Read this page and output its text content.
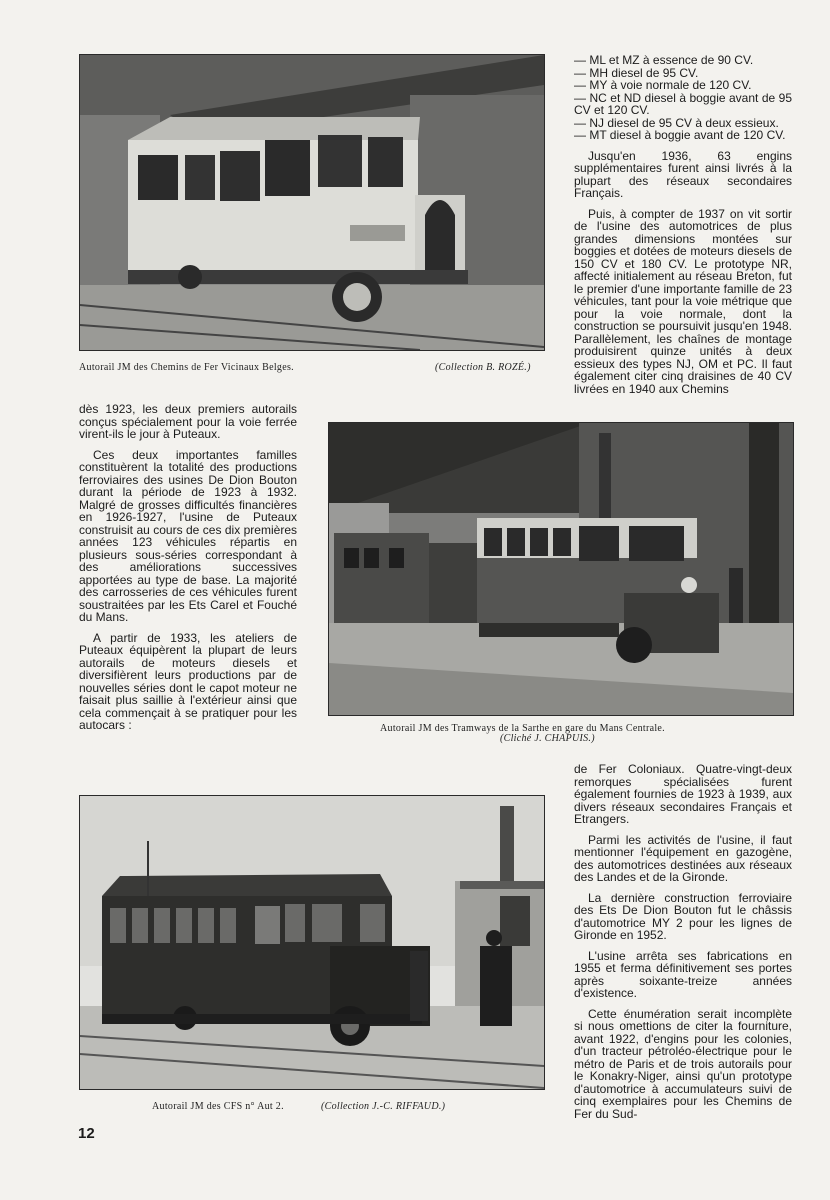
Autorail JM des Chemins de Fer Vicinaux Belges.	(Collection B. ROZÉ.)

— ML et MZ à essence de 90 CV.

— MH diesel de 95 CV.

— MY à voie normale de 120 CV.

— NC et ND diesel à boggie avant de 95 CV et 120 CV.

— NJ diesel de 95 CV à deux essieux.

— MT diesel à boggie avant de 120 CV.

Jusqu'en 1936, 63 engins supplémentaires furent ainsi livrés à la plupart des réseaux secondaires Français.

Puis, à compter de 1937 on vit sortir de l'usine des automotrices de plus grandes dimensions montées sur boggies et dotées de moteurs diesels de 150 CV et 180 CV. Le prototype NR, affecté initialement au réseau Breton, fut le premier d'une importante famille de 23 véhicules, tant pour la voie métrique que pour la voie normale, dont la construction se poursuivit jusqu'en 1948. Parallèlement, les chaînes de montage produisirent quinze unités à deux essieux des types NJ, OM et PC. Il faut également citer cinq draisines de 40 CV livrées en 1940 aux Chemins

dès 1923, les deux premiers autorails conçus spécialement pour la voie ferrée virent-ils le jour à Puteaux.

Ces deux importantes familles constituèrent la totalité des productions ferroviaires des usines De Dion Bouton durant la période de 1923 à 1932. Malgré de grosses difficultés financières en 1926-1927, l'usine de Puteaux construisit au cours de ces dix premières années 123 véhicules répartis en plusieurs sous-séries correspondant à des améliorations successives apportées au type de base. La majorité des carrosseries de ces véhicules furent soustraitées par les Ets Carel et Fouché du Mans.

A partir de 1933, les ateliers de Puteaux équipèrent la plupart de leurs autorails de moteurs diesels et diversifièrent leurs productions par de nouvelles séries dont le capot moteur ne faisait plus saillie à l'extérieur ainsi que cela commençait à se pratiquer pour les autocars :	Autorail JM des Tramways de la Sarthe en gare du Mans Centrale.
(Cliché J. CHAPUIS.)

de Fer Coloniaux. Quatre-vingt-deux remorques spécialisées furent également fournies de 1923 à 1939, aux divers réseaux secondaires Français et Etrangers.

Parmi les activités de l'usine, il faut mentionner l'équipement en gazogène, des automotrices destinées aux réseaux des Landes et de la Gironde.

La dernière construction ferroviaire des Ets De Dion Bouton fut le châssis d'automotrice MY 2 pour les lignes de Gironde en 1952.

L'usine arrêta ses fabrications en 1955 et ferma définitivement ses portes après soixante-treize années d'existence.

Cette énumération serait incomplète si nous omettions de citer la fourniture, avant 1922, d'engins pour les colonies, d'un tracteur pétroléo-électrique pour le métro de Paris et de trois autorails pour le Konakry-Niger, ainsi qu'un prototype d'automotrice à accumulateurs suivi de cinq exemplaires pour les Chemins de Fer du Sud-

Autorail JM des CFS n° Aut 2.	(Collection J.-C. RIFFAUD.)
12
